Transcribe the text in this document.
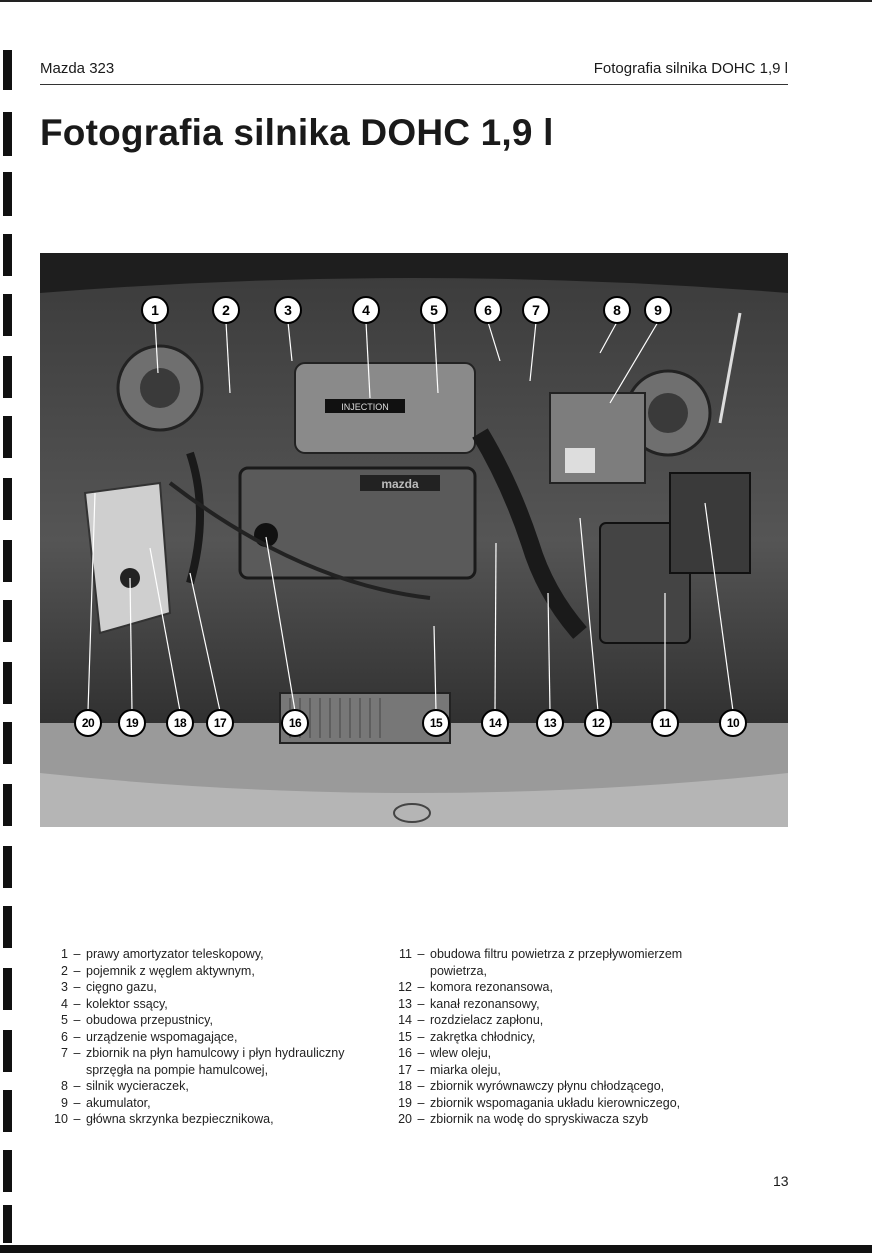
Mazda 323	Fotografia silnika DOHC 1,9 l
Fotografia silnika DOHC 1,9 l
INJECTION
mazda
1	2	3	4	5	6	7	8	9
20	19	18	17	16	15	14	13	12	11	10
1 – prawy amortyzator teleskopowy,
2 – pojemnik z węglem aktywnym,
3 – cięgno gazu,
4 – kolektor ssący,
5 – obudowa przepustnicy,
6 – urządzenie wspomagające,
7 – zbiornik na płyn hamulcowy i płyn hydrauliczny sprzęgła na pompie hamulcowej,
8 – silnik wycieraczek,
9 – akumulator,
10 – główna skrzynka bezpiecznikowa,
11 – obudowa filtru powietrza z przepływomierzem powietrza,
12 – komora rezonansowa,
13 – kanał rezonansowy,
14 – rozdzielacz zapłonu,
15 – zakrętka chłodnicy,
16 – wlew oleju,
17 – miarka oleju,
18 – zbiornik wyrównawczy płynu chłodzącego,
19 – zbiornik wspomagania układu kierowniczego,
20 – zbiornik na wodę do spryskiwacza szyb
13
